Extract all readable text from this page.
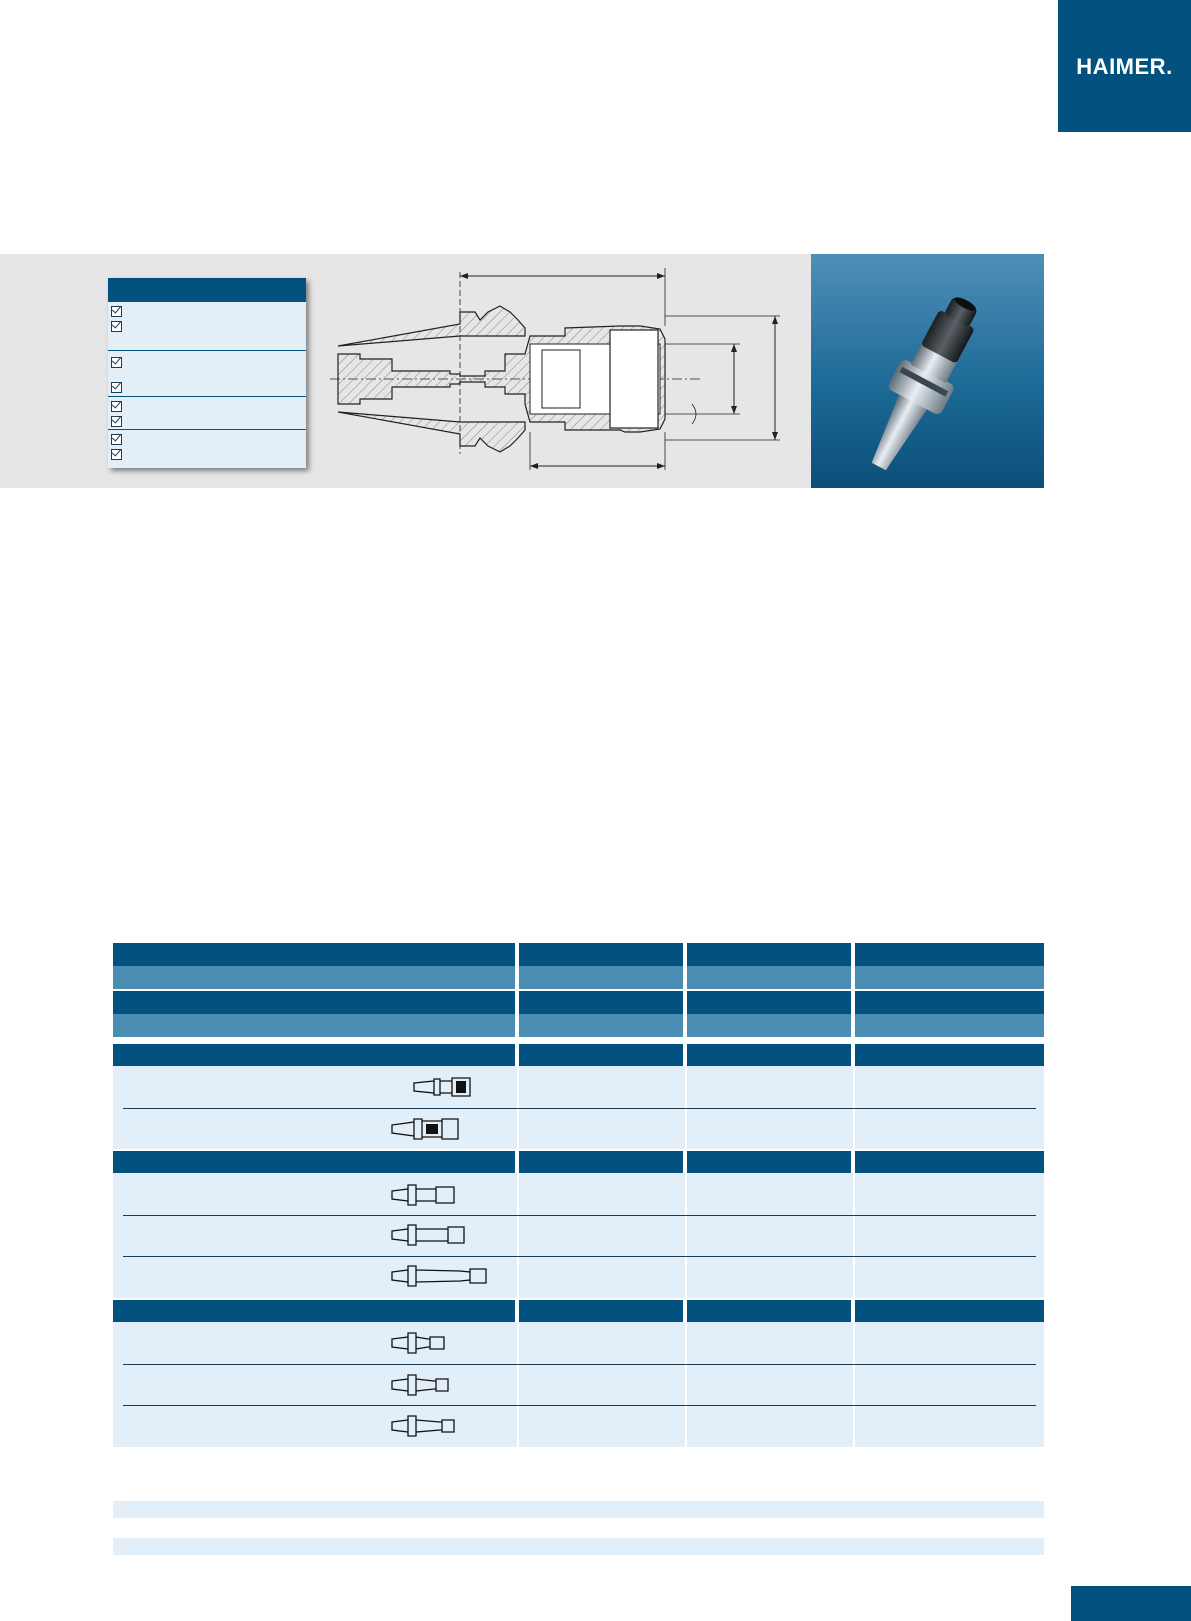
HAIMER.
